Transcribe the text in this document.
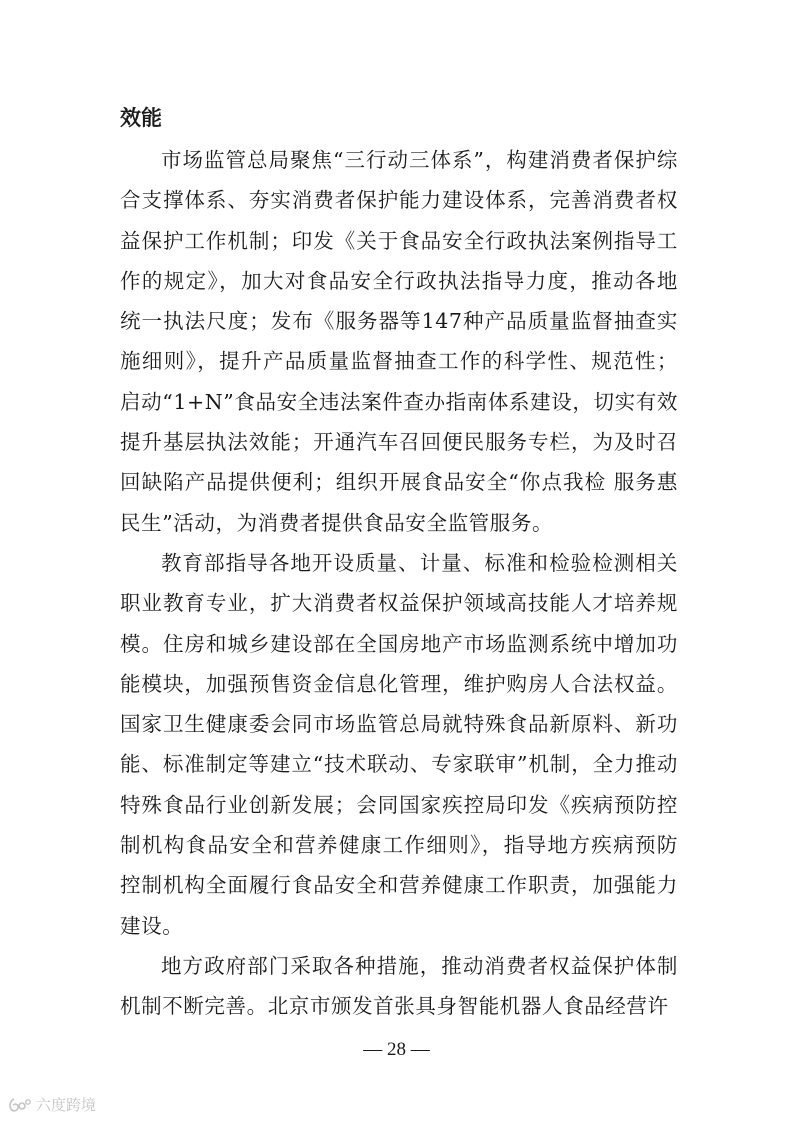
效能

市场监管总局聚焦“三行动三体系”，构建消费者保护综合支撑体系、夯实消费者保护能力建设体系，完善消费者权益保护工作机制；印发《关于食品安全行政执法案例指导工作的规定》，加大对食品安全行政执法指导力度，推动各地统一执法尺度；发布《服务器等147种产品质量监督抽查实施细则》，提升产品质量监督抽查工作的科学性、规范性；启动“1+N”食品安全违法案件查办指南体系建设，切实有效提升基层执法效能；开通汽车召回便民服务专栏，为及时召回缺陷产品提供便利；组织开展食品安全“你点我检 服务惠民生”活动，为消费者提供食品安全监管服务。

教育部指导各地开设质量、计量、标准和检验检测相关职业教育专业，扩大消费者权益保护领域高技能人才培养规模。住房和城乡建设部在全国房地产市场监测系统中增加功能模块，加强预售资金信息化管理，维护购房人合法权益。国家卫生健康委会同市场监管总局就特殊食品新原料、新功能、标准制定等建立“技术联动、专家联审”机制，全力推动特殊食品行业创新发展；会同国家疾控局印发《疾病预防控制机构食品安全和营养健康工作细则》，指导地方疾病预防控制机构全面履行食品安全和营养健康工作职责，加强能力建设。

地方政府部门采取各种措施，推动消费者权益保护体制机制不断完善。北京市颁发首张具身智能机器人食品经营许

— 28 —

六度跨境
